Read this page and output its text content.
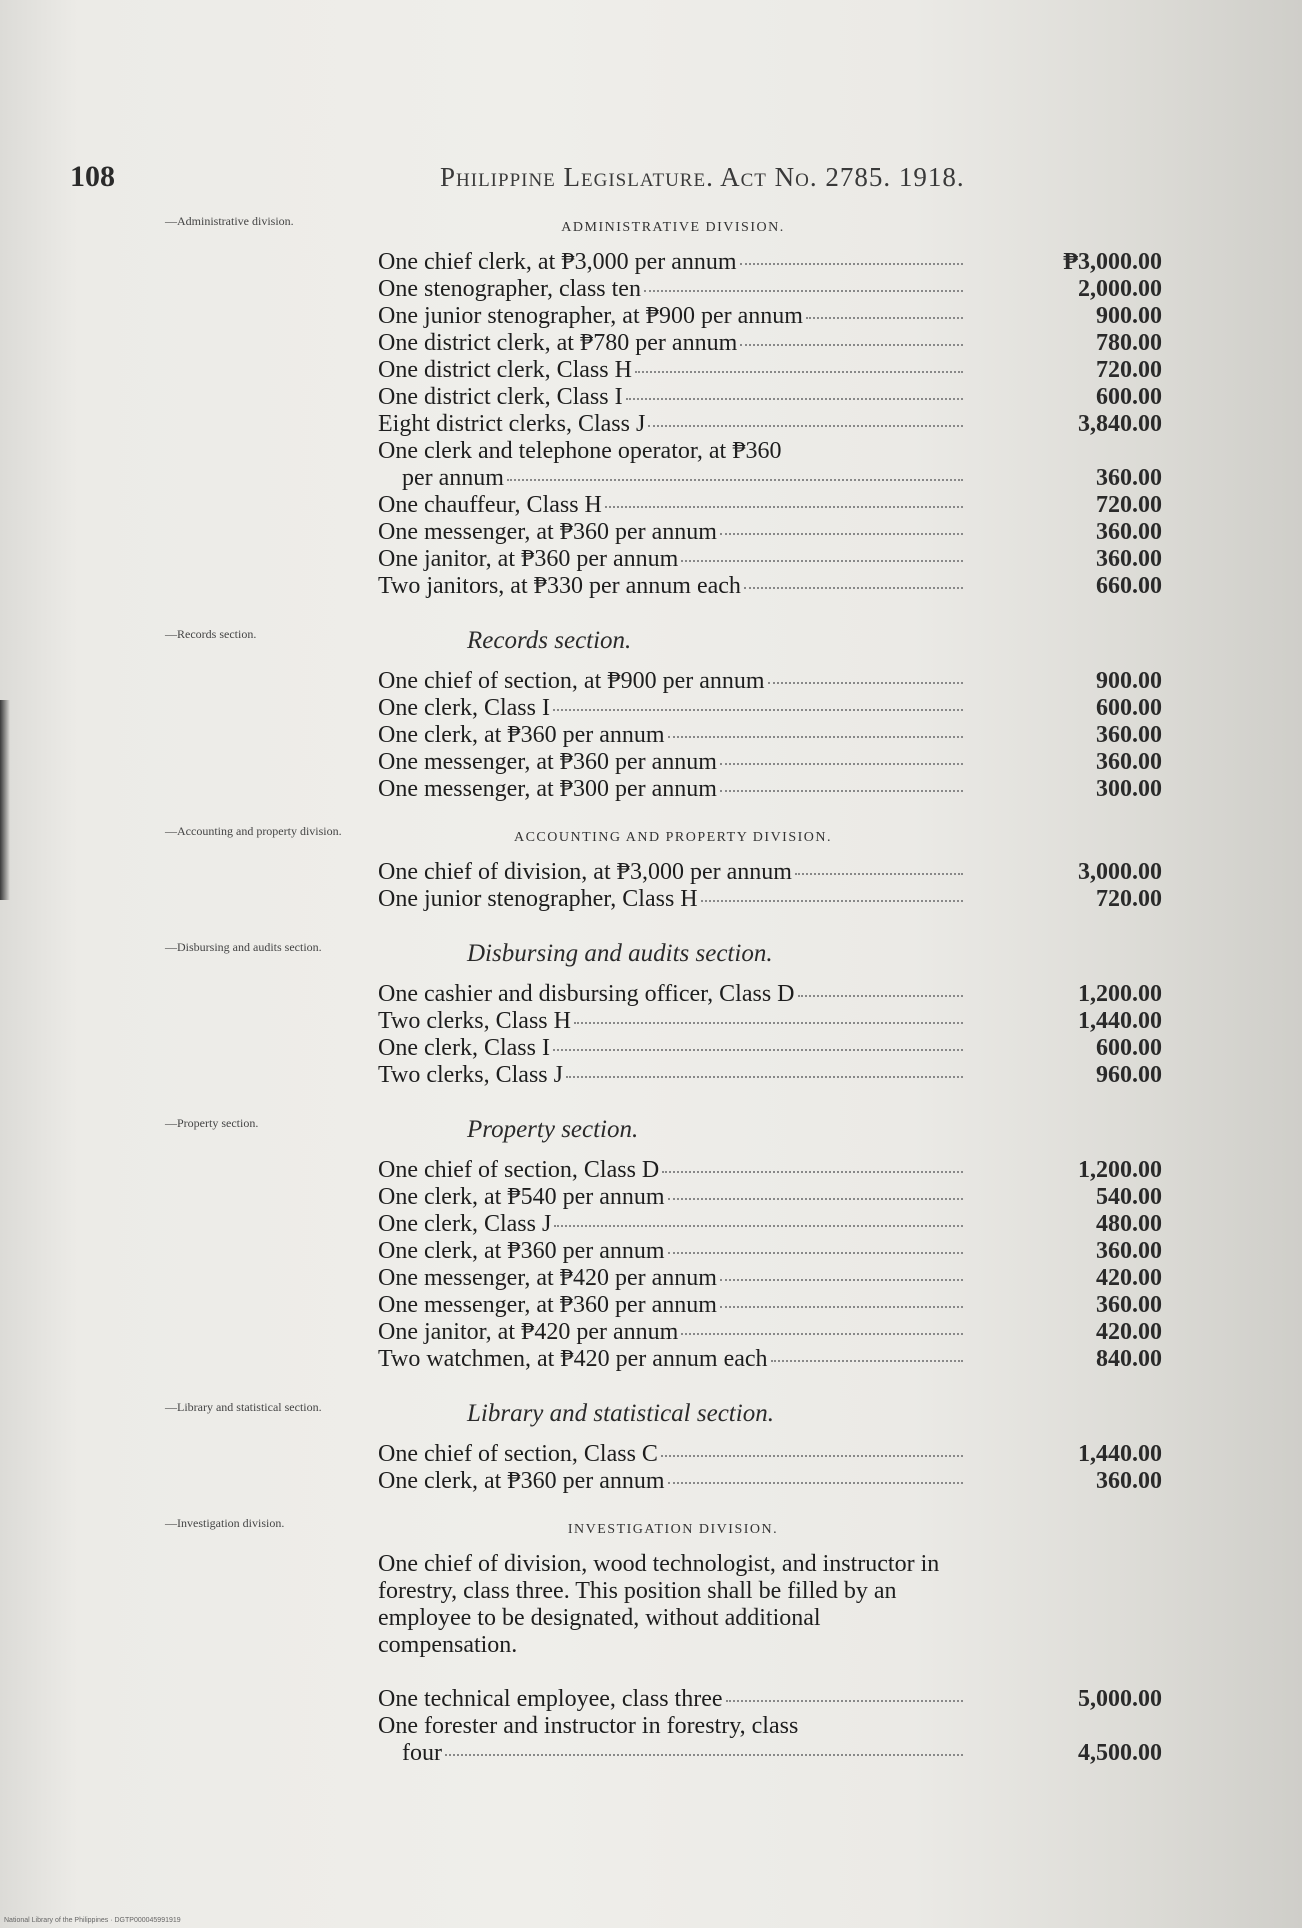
108	Philippine Legislature. Act No. 2785. 1918.
—Administrative division.	ADMINISTRATIVE DIVISION.
One chief clerk, at ₱3,000 per annum	₱3,000.00
One stenographer, class ten	2,000.00
One junior stenographer, at ₱900 per annum	900.00
One district clerk, at ₱780 per annum	780.00
One district clerk, Class H	720.00
One district clerk, Class I	600.00
Eight district clerks, Class J	3,840.00
One clerk and telephone operator, at ₱360
per annum	360.00
One chauffeur, Class H	720.00
One messenger, at ₱360 per annum	360.00
One janitor, at ₱360 per annum	360.00
Two janitors, at ₱330 per annum each	660.00
—Records section.	Records section.
One chief of section, at ₱900 per annum	900.00
One clerk, Class I	600.00
One clerk, at ₱360 per annum	360.00
One messenger, at ₱360 per annum	360.00
One messenger, at ₱300 per annum	300.00
—Accounting and property division.	ACCOUNTING AND PROPERTY DIVISION.
One chief of division, at ₱3,000 per annum	3,000.00
One junior stenographer, Class H	720.00
—Disbursing and audits section.	Disbursing and audits section.
One cashier and disbursing officer, Class D	1,200.00
Two clerks, Class H	1,440.00
One clerk, Class I	600.00
Two clerks, Class J	960.00
—Property section.	Property section.
One chief of section, Class D	1,200.00
One clerk, at ₱540 per annum	540.00
One clerk, Class J	480.00
One clerk, at ₱360 per annum	360.00
One messenger, at ₱420 per annum	420.00
One messenger, at ₱360 per annum	360.00
One janitor, at ₱420 per annum	420.00
Two watchmen, at ₱420 per annum each	840.00
—Library and statistical section.	Library and statistical section.
One chief of section, Class C	1,440.00
One clerk, at ₱360 per annum	360.00
—Investigation division.	INVESTIGATION DIVISION.
One chief of division, wood technologist, and instructor in forestry, class three. This position shall be filled by an employee to be designated, without additional compensation.
One technical employee, class three	5,000.00
One forester and instructor in forestry, class
four	4,500.00
National Library of the Philippines · DGTP000045991919
